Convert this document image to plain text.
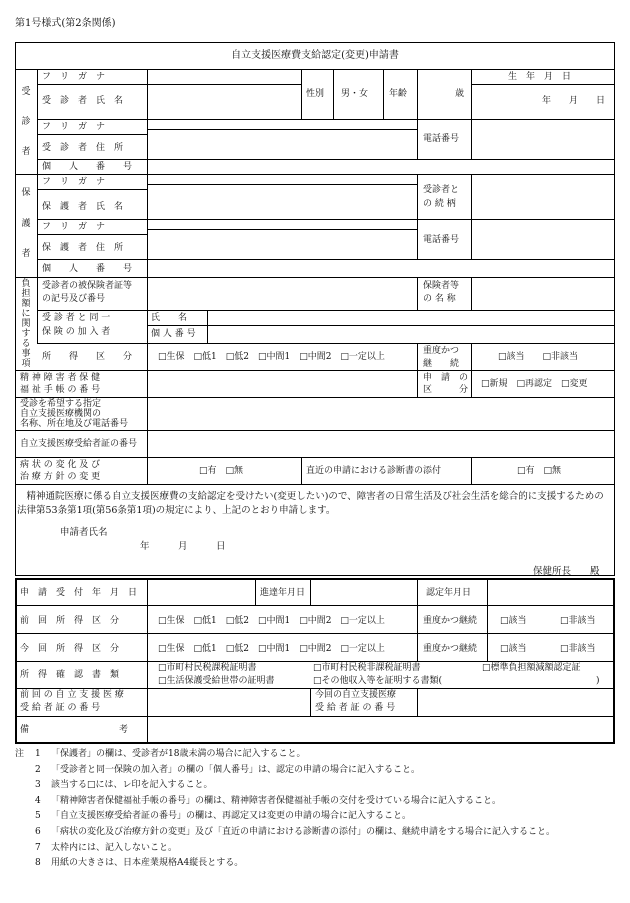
第1号様式(第2条関係)
自立支援医療費支給認定(変更)申請書
受
診
者
フ　リ　ガ　ナ
受　診　者　氏　名
性別 男・女 年齢	歳
生　年　月　日
年　　月　　日
フ　リ　ガ　ナ
受　診　者　住　所
電話番号
個　　人　　番　　号
保
護
者
フ　リ　ガ　ナ
保　護　者　氏　名
受診者と
の 続 柄
フ　リ　ガ　ナ
保　護　者　住　所
電話番号
個　　人　　番　　号
負
担
額
に
関
す
る
事
項
受診者の被保険者証等
の記号及び番号
保険者等
の 名 称
受 診 者 と 同 一
保 険 の 加 入 者
氏　　名
個 人 番 号
所　　得　　区　　分	□生保　□低1　□低2　□中間1　□中間2　□一定以上
重度かつ
継　　続
□該当　　□非該当
精 神 障 害 者 保 健
福 祉 手 帳 の 番 号
申　請　の
区　　　分
□新規　□再認定　□変更
受診を希望する指定
自立支援医療機関の
名称、所在地及び電話番号
自立支援医療受給者証の番号
病 状 の 変 化 及 び
治 療 方 針 の 変 更
□有　□無	直近の申請における診断書の添付	□有　□無
　精神通院医療に係る自立支援医療費の支給認定を受けたい(変更したい)ので、障害者の日常生活及び社会生活を総合的に支援するための法律第53条第1項(第56条第1項)の規定により、上記のとおり申請します。
申請者氏名
年　　　月　　　日
保健所長　　殿
申　請　受　付　年　月　日	進達年月日	認定年月日
前　回　所　得　区　分	□生保　□低1　□低2　□中間1　□中間2　□一定以上	重度かつ継続	□該当	□非該当
今　回　所　得　区　分	□生保　□低1　□低2　□中間1　□中間2　□一定以上	重度かつ継続	□該当	□非該当
所　得　確　認　書　類
□市町村民税課税証明書	□市町村民税非課税証明書	□標準負担額減額認定証
□生活保護受給世帯の証明書	□その他収入等を証明する書類(	)
前 回 の 自 立 支 援 医 療
受 給 者 証 の 番 号
今回の自立支援医療
受 給 者 証 の 番 号
備　　　　　　　　　　考
注 1 「保護者」の欄は、受診者が18歳未満の場合に記入すること。
2 「受診者と同一保険の加入者」の欄の「個人番号」は、認定の申請の場合に記入すること。
3 該当する□には、レ印を記入すること。
4 「精神障害者保健福祉手帳の番号」の欄は、精神障害者保健福祉手帳の交付を受けている場合に記入すること。
5 「自立支援医療受給者証の番号」の欄は、再認定又は変更の申請の場合に記入すること。
6 「病状の変化及び治療方針の変更」及び「直近の申請における診断書の添付」の欄は、継続申請をする場合に記入すること。
7 太枠内には、記入しないこと。
8 用紙の大きさは、日本産業規格A4縦長とする。
